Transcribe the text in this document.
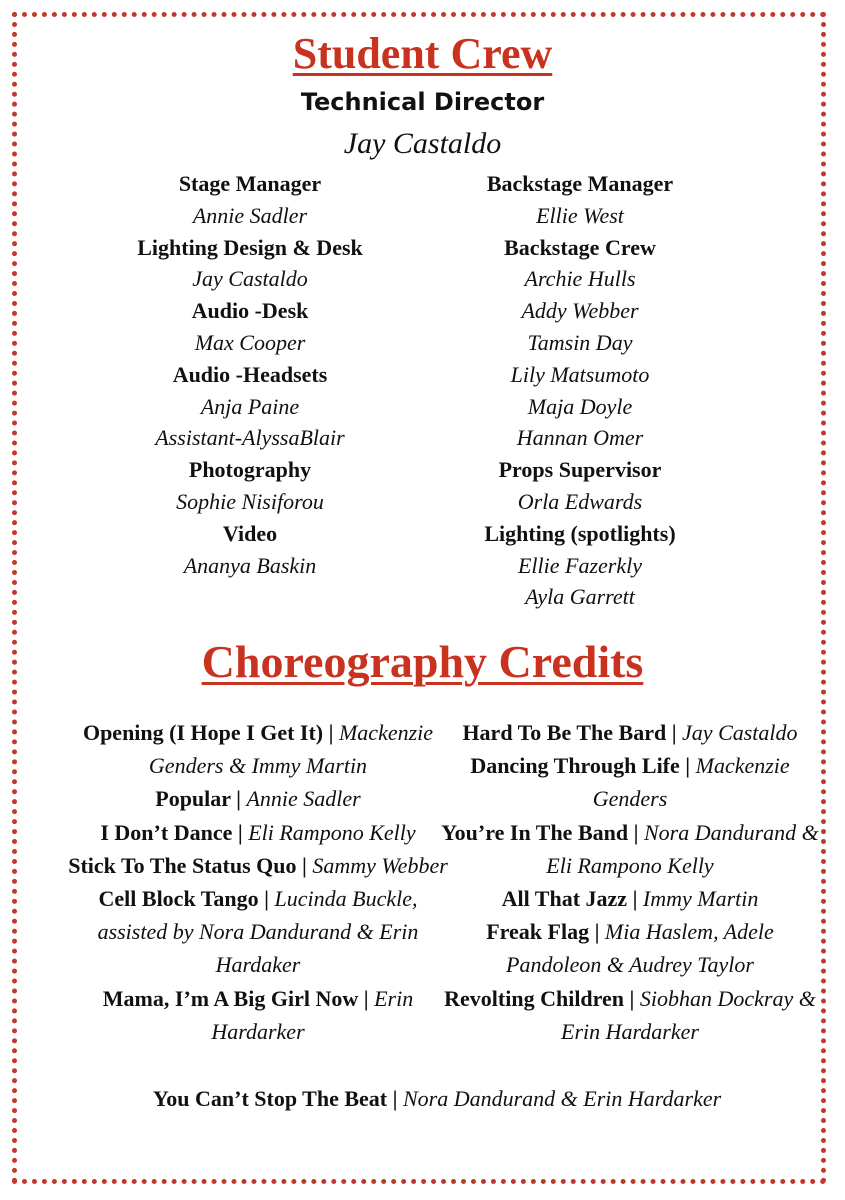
Student Crew
Technical Director
Jay Castaldo
Stage Manager
Annie Sadler
Lighting Design & Desk
Jay Castaldo
Audio -Desk
Max Cooper
Audio -Headsets
Anja Paine
Assistant-AlyssaBlair
Photography
Sophie Nisiforou
Video
Ananya Baskin
Backstage Manager
Ellie West
Backstage Crew
Archie Hulls
Addy Webber
Tamsin Day
Lily Matsumoto
Maja Doyle
Hannan Omer
Props Supervisor
Orla Edwards
Lighting (spotlights)
Ellie Fazerkly
Ayla Garrett
Choreography Credits
Opening (I Hope I Get It) | Mackenzie Genders & Immy Martin
Popular | Annie Sadler
I Don’t Dance | Eli Rampono Kelly
Stick To The Status Quo | Sammy Webber
Cell Block Tango | Lucinda Buckle, assisted by Nora Dandurand & Erin Hardaker
Mama, I’m A Big Girl Now | Erin Hardarker
Hard To Be The Bard | Jay Castaldo
Dancing Through Life | Mackenzie Genders
You’re In The Band | Nora Dandurand & Eli Rampono Kelly
All That Jazz | Immy Martin
Freak Flag | Mia Haslem, Adele Pandoleon & Audrey Taylor
Revolting Children | Siobhan Dockray & Erin Hardarker
You Can’t Stop The Beat | Nora Dandurand & Erin Hardarker
